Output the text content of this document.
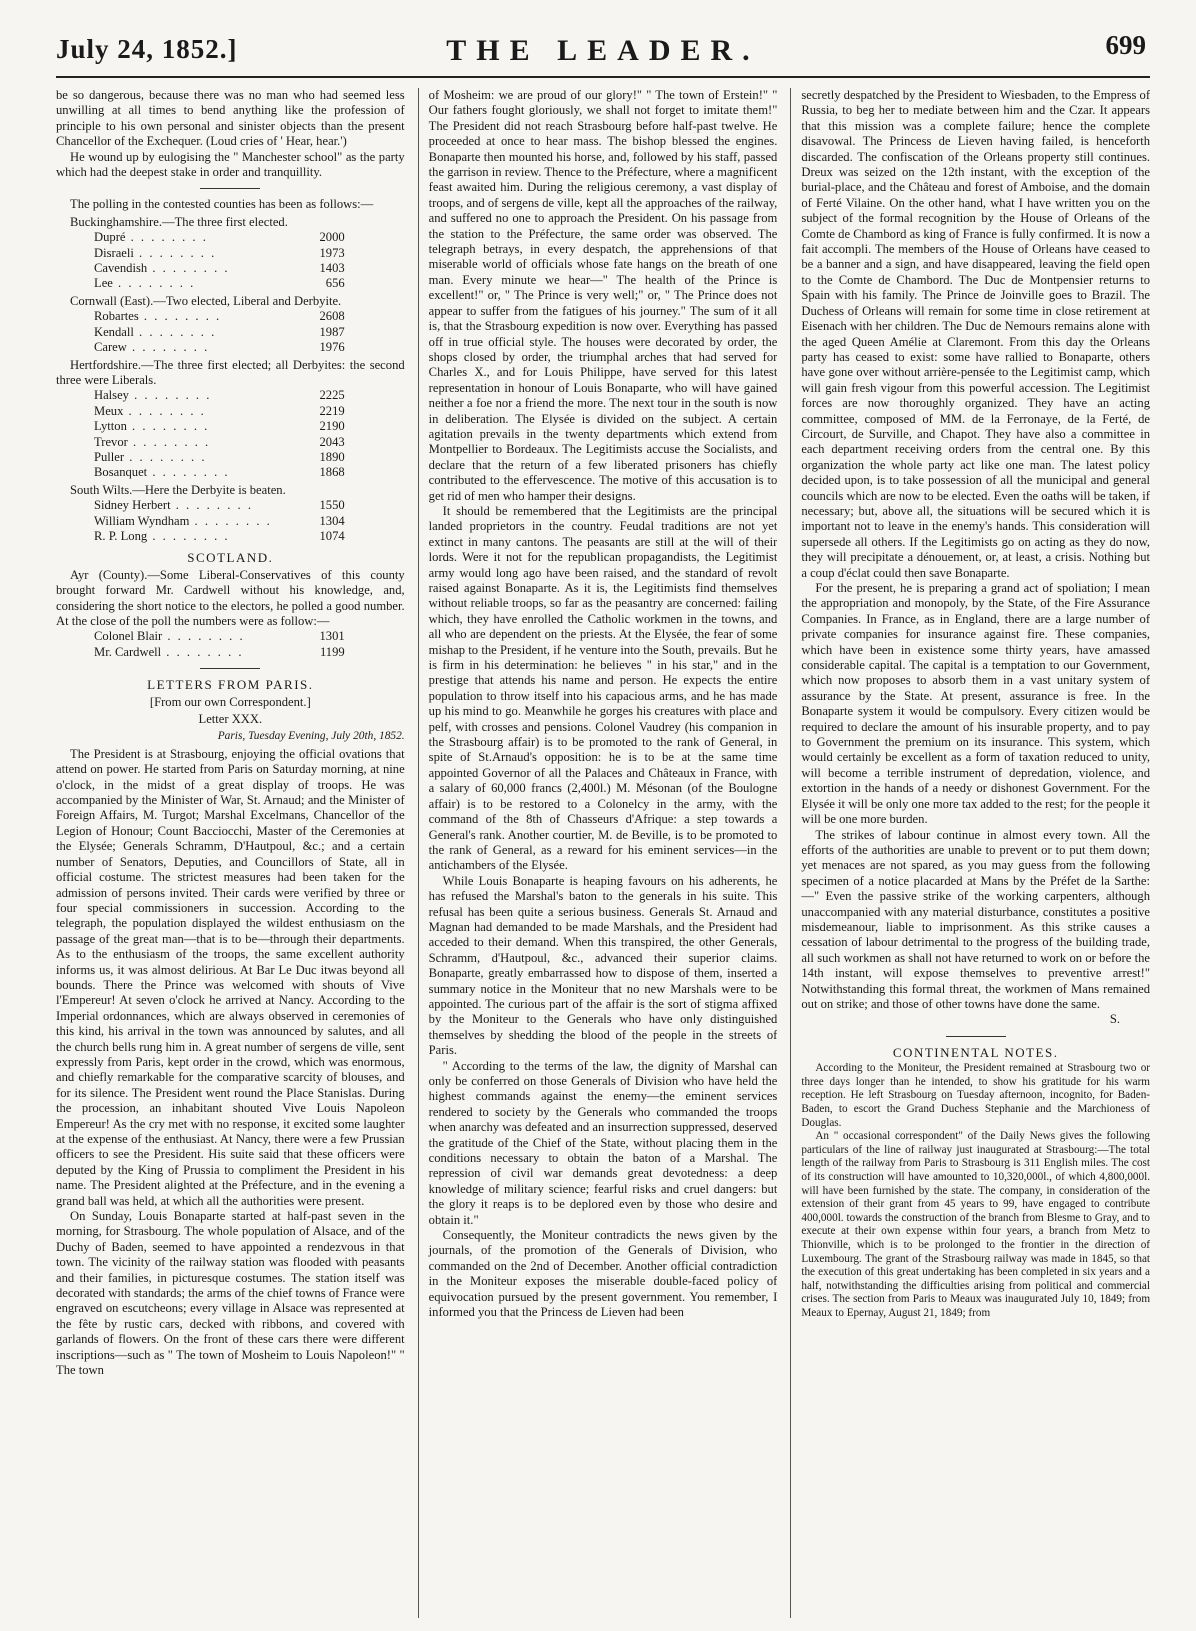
July 24, 1852.]	THE LEADER.	699

be so dangerous, because there was no man who had seemed less unwilling at all times to bend anything like the profession of principle to his own personal and sinister objects than the present Chancellor of the Exchequer. (Loud cries of ' Hear, hear.')

He wound up by eulogising the " Manchester school" as the party which had the deepest stake in order and tranquillity.

The polling in the contested counties has been as follows:—

Buckinghamshire.—The three first elected.

Dupré . . .	2000
Disraeli . . .	1973
Cavendish . . .	1403
Lee . . .	656

Cornwall (East).—Two elected, Liberal and Derbyite.

Robartes . . .	2608
Kendall . . .	1987
Carew . . .	1976

Hertfordshire.—The three first elected; all Derbyites: the second three were Liberals.

Halsey . . .	2225
Meux . . .	2219
Lytton . . .	2190
Trevor . . .	2043
Puller . . .	1890
Bosanquet . . .	1868

South Wilts.—Here the Derbyite is beaten.

Sidney Herbert . . .	1550
William Wyndham . . .	1304
R. P. Long . . .	1074
SCOTLAND.

Ayr (County).—Some Liberal-Conservatives of this county brought forward Mr. Cardwell without his knowledge, and, considering the short notice to the electors, he polled a good number. At the close of the poll the numbers were as follow:—

Colonel Blair . . .	1301
Mr. Cardwell . . .	1199
LETTERS FROM PARIS.
[From our own Correspondent.]
Letter XXX.
Paris, Tuesday Evening, July 20th, 1852.

The President is at Strasbourg, enjoying the official ovations that attend on power. He started from Paris on Saturday morning, at nine o'clock, in the midst of a great display of troops. He was accompanied by the Minister of War, St. Arnaud; and the Minister of Foreign Affairs, M. Turgot; Marshal Excelmans, Chancellor of the Legion of Honour; Count Bacciocchi, Master of the Ceremonies at the Elysée; Generals Schramm, D'Hautpoul, &c.; and a certain number of Senators, Deputies, and Councillors of State, all in official costume. The strictest measures had been taken for the admission of persons invited. Their cards were verified by three or four special commissioners in succession. According to the telegraph, the population displayed the wildest enthusiasm on the passage of the great man—that is to be—through their departments. As to the enthusiasm of the troops, the same excellent authority informs us, it was almost delirious. At Bar Le Duc itwas beyond all bounds. There the Prince was welcomed with shouts of Vive l'Empereur! At seven o'clock he arrived at Nancy. According to the Imperial ordonnances, which are always observed in ceremonies of this kind, his arrival in the town was announced by salutes, and all the church bells rung him in. A great number of sergens de ville, sent expressly from Paris, kept order in the crowd, which was enormous, and chiefly remarkable for the comparative scarcity of blouses, and for its silence. The President went round the Place Stanislas. During the procession, an inhabitant shouted Vive Louis Napoleon Empereur! As the cry met with no response, it excited some laughter at the expense of the enthusiast. At Nancy, there were a few Prussian officers to see the President. His suite said that these officers were deputed by the King of Prussia to compliment the President in his name. The President alighted at the Préfecture, and in the evening a grand ball was held, at which all the authorities were present.

On Sunday, Louis Bonaparte started at half-past seven in the morning, for Strasbourg. The whole population of Alsace, and of the Duchy of Baden, seemed to have appointed a rendezvous in that town. The vicinity of the railway station was flooded with peasants and their families, in picturesque costumes. The station itself was decorated with standards; the arms of the chief towns of France were engraved on escutcheons; every village in Alsace was represented at the fête by rustic cars, decked with ribbons, and covered with garlands of flowers. On the front of these cars there were different inscriptions—such as " The town of Mosheim to Louis Napoleon!" " The town

of Mosheim: we are proud of our glory!" " The town of Erstein!" " Our fathers fought gloriously, we shall not forget to imitate them!" The President did not reach Strasbourg before half-past twelve. He proceeded at once to hear mass. The bishop blessed the engines. Bonaparte then mounted his horse, and, followed by his staff, passed the garrison in review. Thence to the Préfecture, where a magnificent feast awaited him. During the religious ceremony, a vast display of troops, and of sergens de ville, kept all the approaches of the railway, and suffered no one to approach the President. On his passage from the station to the Préfecture, the same order was observed. The telegraph betrays, in every despatch, the apprehensions of that miserable world of officials whose fate hangs on the breath of one man. Every minute we hear—" The health of the Prince is excellent!" or, " The Prince is very well;" or, " The Prince does not appear to suffer from the fatigues of his journey." The sum of it all is, that the Strasbourg expedition is now over. Everything has passed off in true official style. The houses were decorated by order, the shops closed by order, the triumphal arches that had served for Charles X., and for Louis Philippe, have served for this latest representation in honour of Louis Bonaparte, who will have gained neither a foe nor a friend the more. The next tour in the south is now in deliberation. The Elysée is divided on the subject. A certain agitation prevails in the twenty departments which extend from Montpellier to Bordeaux. The Legitimists accuse the Socialists, and declare that the return of a few liberated prisoners has chiefly contributed to the effervescence. The motive of this accusation is to get rid of men who hamper their designs.

It should be remembered that the Legitimists are the principal landed proprietors in the country. Feudal traditions are not yet extinct in many cantons. The peasants are still at the will of their lords. Were it not for the republican propagandists, the Legitimist army would long ago have been raised, and the standard of revolt raised against Bonaparte. As it is, the Legitimists find themselves without reliable troops, so far as the peasantry are concerned: failing which, they have enrolled the Catholic workmen in the towns, and all who are dependent on the priests. At the Elysée, the fear of some mishap to the President, if he venture into the South, prevails. But he is firm in his determination: he believes " in his star," and in the prestige that attends his name and person. He expects the entire population to throw itself into his capacious arms, and he has made up his mind to go. Meanwhile he gorges his creatures with place and pelf, with crosses and pensions. Colonel Vaudrey (his companion in the Strasbourg affair) is to be promoted to the rank of General, in spite of St.Arnaud's opposition: he is to be at the same time appointed Governor of all the Palaces and Châteaux in France, with a salary of 60,000 francs (2,400l.) M. Mésonan (of the Boulogne affair) is to be restored to a Colonelcy in the army, with the command of the 8th of Chasseurs d'Afrique: a step towards a General's rank. Another courtier, M. de Beville, is to be promoted to the rank of General, as a reward for his eminent services—in the antichambers of the Elysée.

While Louis Bonaparte is heaping favours on his adherents, he has refused the Marshal's baton to the generals in his suite. This refusal has been quite a serious business. Generals St. Arnaud and Magnan had demanded to be made Marshals, and the President had acceded to their demand. When this transpired, the other Generals, Schramm, d'Hautpoul, &c., advanced their superior claims. Bonaparte, greatly embarrassed how to dispose of them, inserted a summary notice in the Moniteur that no new Marshals were to be appointed. The curious part of the affair is the sort of stigma affixed by the Moniteur to the Generals who have only distinguished themselves by shedding the blood of the people in the streets of Paris.

" According to the terms of the law, the dignity of Marshal can only be conferred on those Generals of Division who have held the highest commands against the enemy—the eminent services rendered to society by the Generals who commanded the troops when anarchy was defeated and an insurrection suppressed, deserved the gratitude of the Chief of the State, without placing them in the conditions necessary to obtain the baton of a Marshal. The repression of civil war demands great devotedness: a deep knowledge of military science; fearful risks and cruel dangers: but the glory it reaps is to be deplored even by those who desire and obtain it."

Consequently, the Moniteur contradicts the news given by the journals, of the promotion of the Generals of Division, who commanded on the 2nd of December. Another official contradiction in the Moniteur exposes the miserable double-faced policy of equivocation pursued by the present government. You remember, I informed you that the Princess de Lieven had been

secretly despatched by the President to Wiesbaden, to the Empress of Russia, to beg her to mediate between him and the Czar. It appears that this mission was a complete failure; hence the complete disavowal. The Princess de Lieven having failed, is henceforth discarded. The confiscation of the Orleans property still continues. Dreux was seized on the 12th instant, with the exception of the burial-place, and the Château and forest of Amboise, and the domain of Ferté Vilaine. On the other hand, what I have written you on the subject of the formal recognition by the House of Orleans of the Comte de Chambord as king of France is fully confirmed. It is now a fait accompli. The members of the House of Orleans have ceased to be a banner and a sign, and have disappeared, leaving the field open to the Comte de Chambord. The Duc de Montpensier returns to Spain with his family. The Prince de Joinville goes to Brazil. The Duchess of Orleans will remain for some time in close retirement at Eisenach with her children. The Duc de Nemours remains alone with the aged Queen Amélie at Claremont. From this day the Orleans party has ceased to exist: some have rallied to Bonaparte, others have gone over without arrière-pensée to the Legitimist camp, which will gain fresh vigour from this powerful accession. The Legitimist forces are now thoroughly organized. They have an acting committee, composed of MM. de la Ferronaye, de la Ferté, de Circourt, de Surville, and Chapot. They have also a committee in each department receiving orders from the central one. By this organization the whole party act like one man. The latest policy decided upon, is to take possession of all the municipal and general councils which are now to be elected. Even the oaths will be taken, if necessary; but, above all, the situations will be secured which it is important not to leave in the enemy's hands. This consideration will supersede all others. If the Legitimists go on acting as they do now, they will precipitate a dénouement, or, at least, a crisis. Nothing but a coup d'éclat could then save Bonaparte.

For the present, he is preparing a grand act of spoliation; I mean the appropriation and monopoly, by the State, of the Fire Assurance Companies. In France, as in England, there are a large number of private companies for insurance against fire. These companies, which have been in existence some thirty years, have amassed considerable capital. The capital is a temptation to our Government, which now proposes to absorb them in a vast unitary system of assurance by the State. At present, assurance is free. In the Bonaparte system it would be compulsory. Every citizen would be required to declare the amount of his insurable property, and to pay to Government the premium on its insurance. This system, which would certainly be excellent as a form of taxation reduced to unity, will become a terrible instrument of depredation, violence, and extortion in the hands of a needy or dishonest Government. For the Elysée it will be only one more tax added to the rest; for the people it will be one more burden.

The strikes of labour continue in almost every town. All the efforts of the authorities are unable to prevent or to put them down; yet menaces are not spared, as you may guess from the following specimen of a notice placarded at Mans by the Préfet de la Sarthe:—" Even the passive strike of the working carpenters, although unaccompanied with any material disturbance, constitutes a positive misdemeanour, liable to imprisonment. As this strike causes a cessation of labour detrimental to the progress of the building trade, all such workmen as shall not have returned to work on or before the 14th instant, will expose themselves to preventive arrest!" Notwithstanding this formal threat, the workmen of Mans remained out on strike; and those of other towns have done the same.

S.
CONTINENTAL NOTES.

According to the Moniteur, the President remained at Strasbourg two or three days longer than he intended, to show his gratitude for his warm reception. He left Strasbourg on Tuesday afternoon, incognito, for Baden-Baden, to escort the Grand Duchess Stephanie and the Marchioness of Douglas.

An " occasional correspondent" of the Daily News gives the following particulars of the line of railway just inaugurated at Strasbourg:—The total length of the railway from Paris to Strasbourg is 311 English miles. The cost of its construction will have amounted to 10,320,000l., of which 4,800,000l. will have been furnished by the state. The company, in consideration of the extension of their grant from 45 years to 99, have engaged to contribute 400,000l. towards the construction of the branch from Blesme to Gray, and to execute at their own expense within four years, a branch from Metz to Thionville, which is to be prolonged to the frontier in the direction of Luxembourg. The grant of the Strasbourg railway was made in 1845, so that the execution of this great undertaking has been completed in six years and a half, notwithstanding the difficulties arising from political and commercial crises. The section from Paris to Meaux was inaugurated July 10, 1849; from Meaux to Epernay, August 21, 1849; from
